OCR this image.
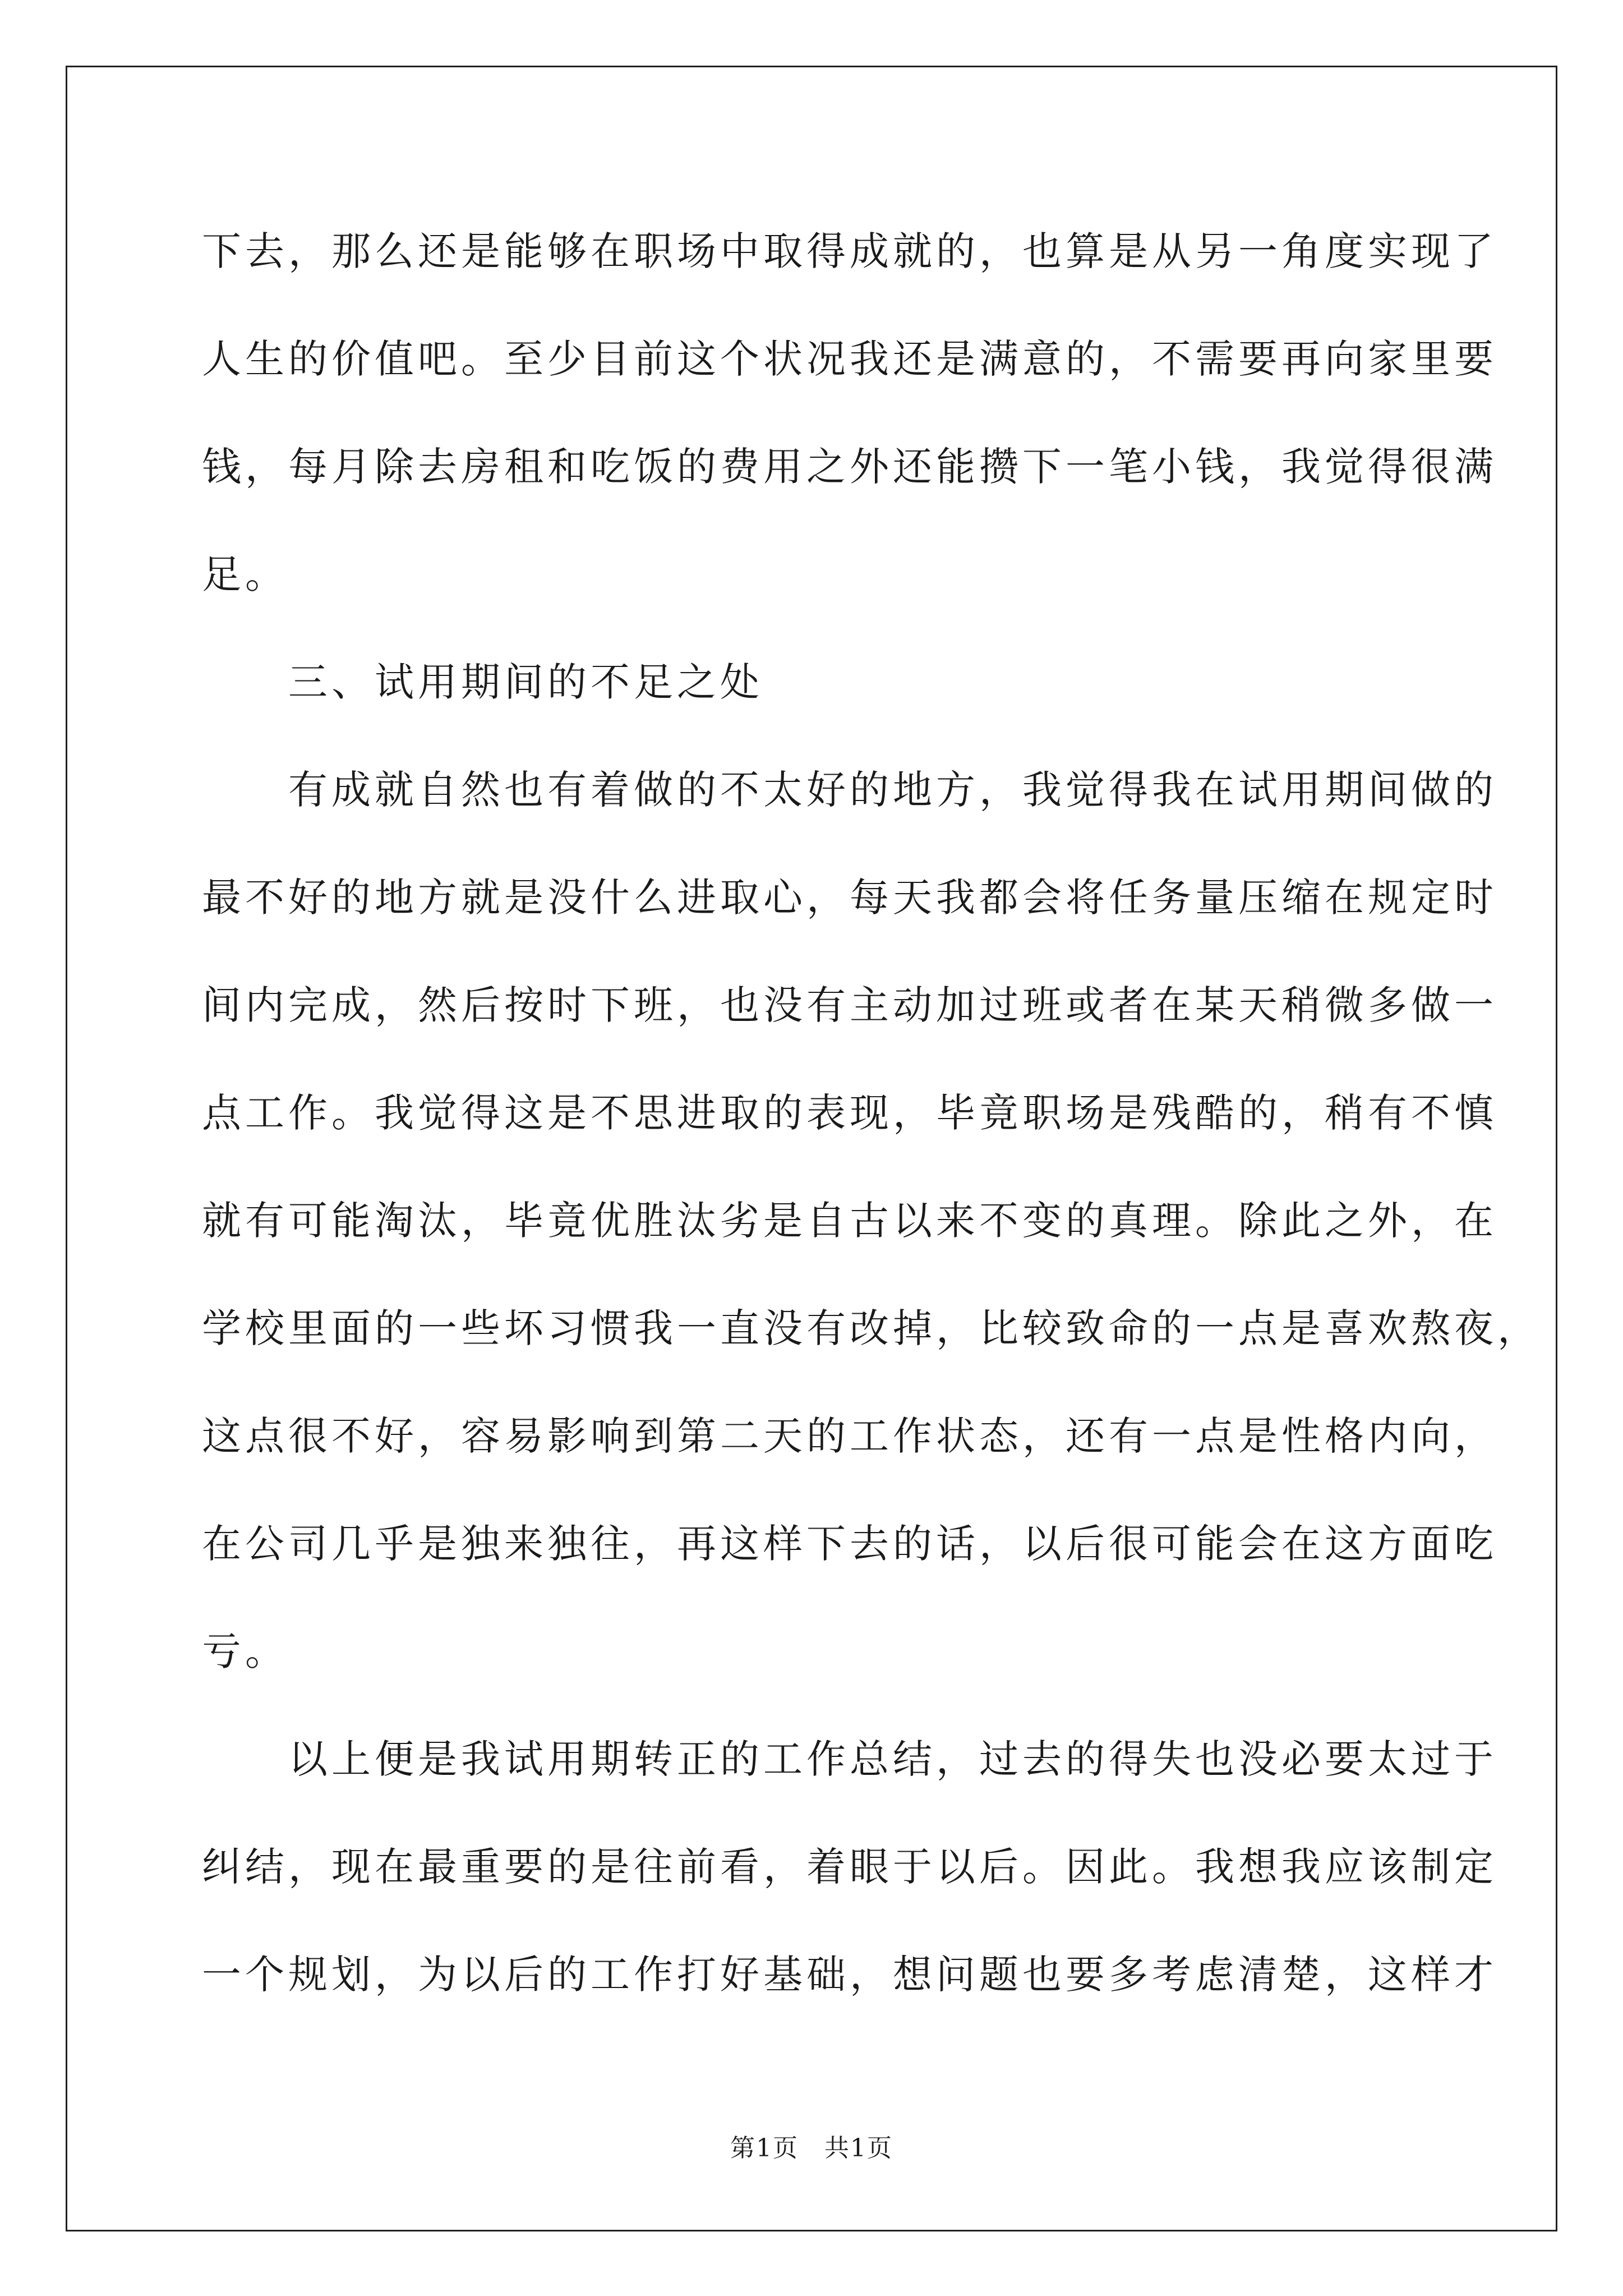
下去，那么还是能够在职场中取得成就的，也算是从另一角度实现了
人生的价值吧。至少目前这个状况我还是满意的，不需要再向家里要
钱，每月除去房租和吃饭的费用之外还能攒下一笔小钱，我觉得很满
足。
　　三、试用期间的不足之处
　　有成就自然也有着做的不太好的地方，我觉得我在试用期间做的
最不好的地方就是没什么进取心，每天我都会将任务量压缩在规定时
间内完成，然后按时下班，也没有主动加过班或者在某天稍微多做一
点工作。我觉得这是不思进取的表现，毕竟职场是残酷的，稍有不慎
就有可能淘汰，毕竟优胜汰劣是自古以来不变的真理。除此之外，在
学校里面的一些坏习惯我一直没有改掉，比较致命的一点是喜欢熬夜，
这点很不好，容易影响到第二天的工作状态，还有一点是性格内向，
在公司几乎是独来独往，再这样下去的话，以后很可能会在这方面吃
亏。
　　以上便是我试用期转正的工作总结，过去的得失也没必要太过于
纠结，现在最重要的是往前看，着眼于以后。因此。我想我应该制定
一个规划，为以后的工作打好基础，想问题也要多考虑清楚，这样才
第1页　共1页
